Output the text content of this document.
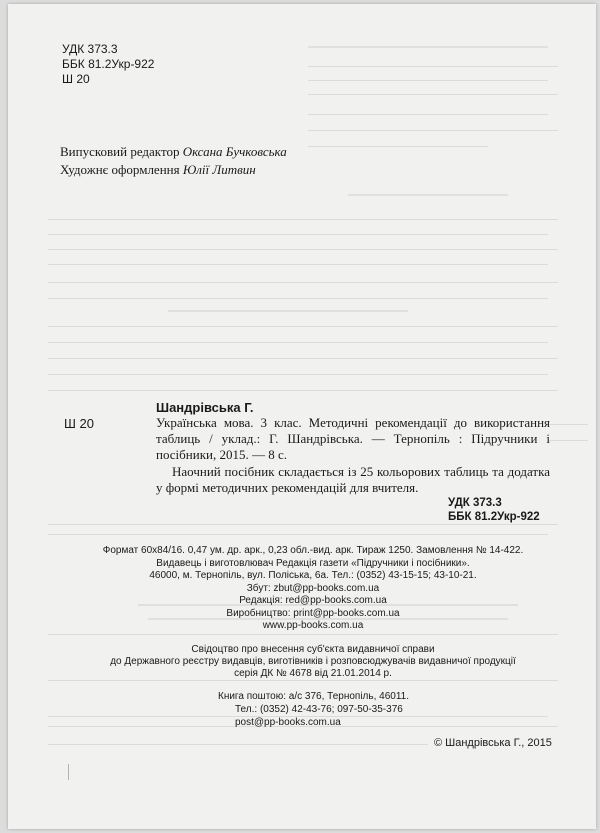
УДК 373.3
ББК 81.2Укр-922
Ш 20
Випусковий редактор Оксана Бучковська
Художнє оформлення Юлії Литвин
Шандрівська Г.
Ш 20	Українська мова. 3 клас. Методичні рекомендації до використання таблиць / уклад.: Г. Шандрівська. — Тернопіль : Підручники і посібники, 2015. — 8 с.
Наочний посібник складається із 25 кольорових таблиць та додатка у формі методичних рекомендацій для вчителя.
УДК 373.3
ББК 81.2Укр-922
Формат 60x84/16. 0,47 ум. др. арк., 0,23 обл.-вид. арк. Тираж 1250. Замовлення № 14-422.
Видавець і виготовлювач Редакція газети «Підручники і посібники».
46000, м. Тернопіль, вул. Поліська, 6а. Тел.: (0352) 43-15-15; 43-10-21.
Збут: zbut@pp-books.com.ua
Редакція: red@pp-books.com.ua
Виробництво: print@pp-books.com.ua
www.pp-books.com.ua
Свідоцтво про внесення суб'єкта видавничої справи
до Державного реєстру видавців, виготівників і розповсюджувачів видавничої продукції
серія ДК № 4678 від 21.01.2014 р.
Книга поштою: а/с 376, Тернопіль, 46011.
Тел.: (0352) 42-43-76; 097-50-35-376
post@pp-books.com.ua
© Шандрівська Г., 2015
